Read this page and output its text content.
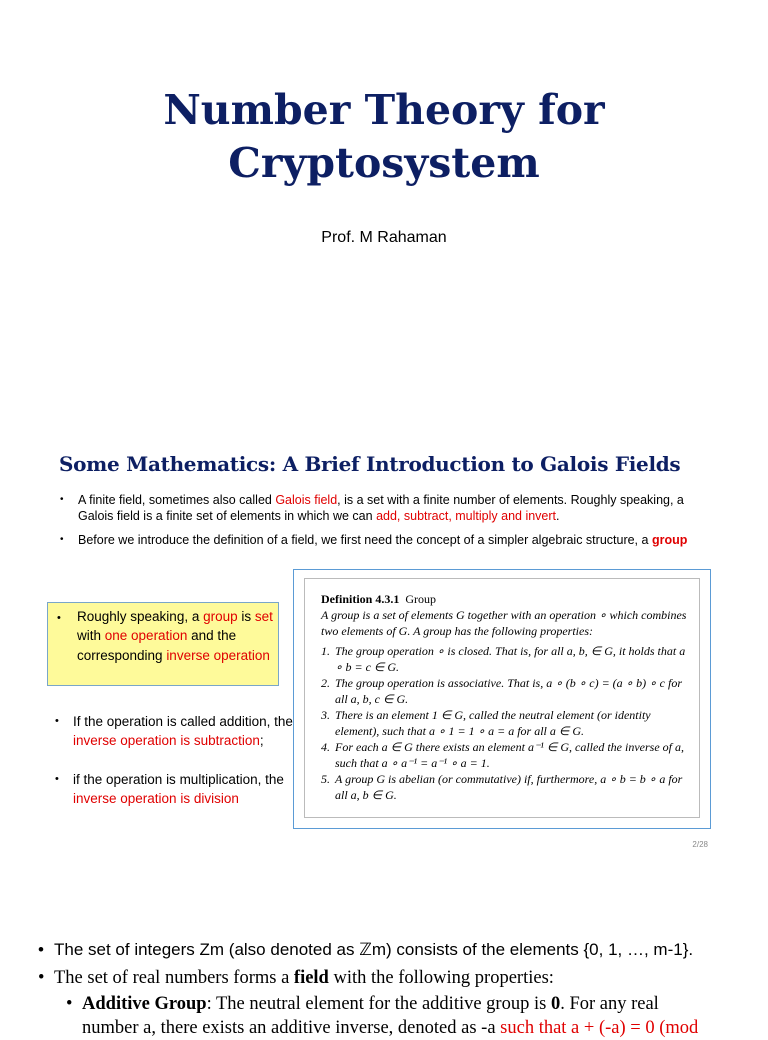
Number Theory for
Cryptosystem
Prof. M Rahaman
Some Mathematics: A Brief Introduction to Galois Fields
•	A finite field, sometimes also called Galois field, is a set with a finite number of elements. Roughly speaking, a Galois field is a finite set of elements in which we can add, subtract, multiply and invert.
•	Before we introduce the definition of a field, we first need the concept of a simpler algebraic structure, a group
• Roughly speaking, a group is set with one operation and the corresponding inverse operation
•	If the operation is called addition, the inverse operation is subtraction;
•	if the operation is multiplication, the inverse operation is division
Definition 4.3.1 Group
A group is a set of elements G together with an operation ∘ which combines two elements of G. A group has the following properties:
1. The group operation ∘ is closed. That is, for all a, b, ∈ G, it holds that a ∘ b = c ∈ G.
2. The group operation is associative. That is, a ∘ (b ∘ c) = (a ∘ b) ∘ c for all a, b, c ∈ G.
3. There is an element 1 ∈ G, called the neutral element (or identity element), such that a ∘ 1 = 1 ∘ a = a for all a ∈ G.
4. For each a ∈ G there exists an element a⁻¹ ∈ G, called the inverse of a, such that a ∘ a⁻¹ = a⁻¹ ∘ a = 1.
5. A group G is abelian (or commutative) if, furthermore, a ∘ b = b ∘ a for all a, b ∈ G.
2/28
• The set of integers Zm (also denoted as ℤm) consists of the elements {0, 1, …, m-1}.
• The set of real numbers forms a field with the following properties:
• Additive Group: The neutral element for the additive group is 0. For any real
number a, there exists an additive inverse, denoted as -a such that a + (-a) = 0 (mod
